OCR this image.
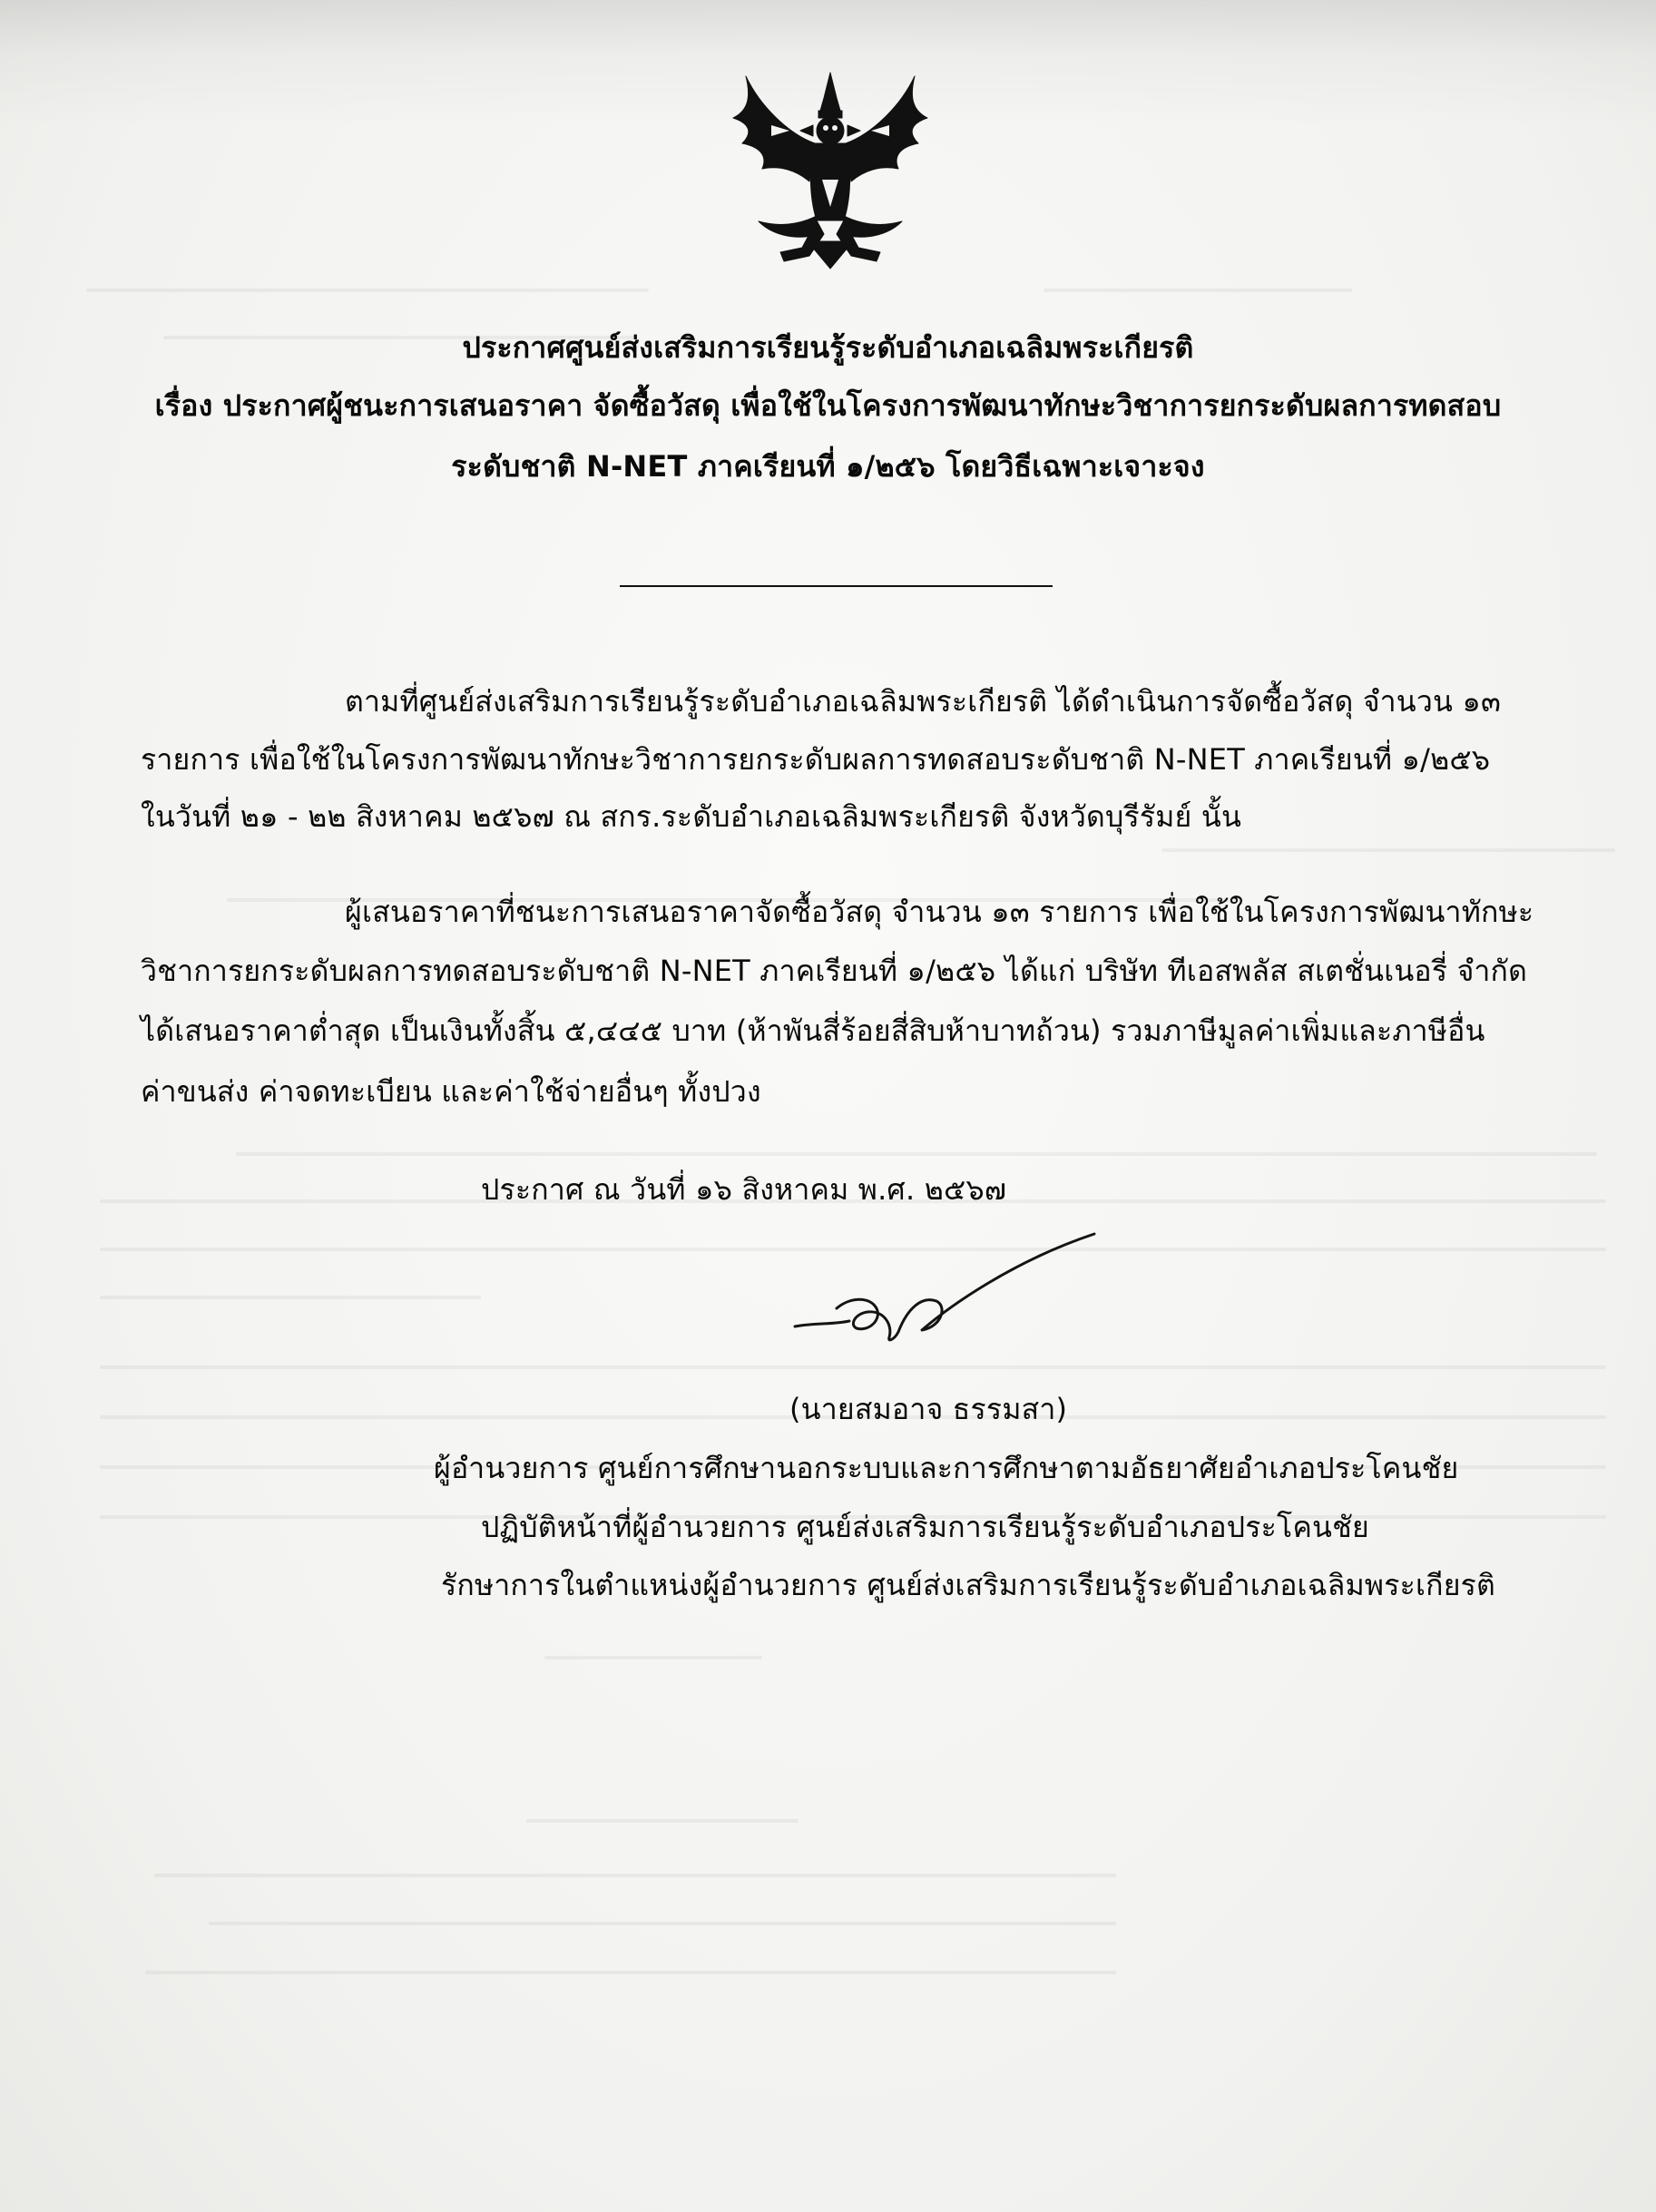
ประกาศศูนย์ส่งเสริมการเรียนรู้ระดับอำเภอเฉลิมพระเกียรติ
เรื่อง ประกาศผู้ชนะการเสนอราคา จัดซื้อวัสดุ เพื่อใช้ในโครงการพัฒนาทักษะวิชาการยกระดับผลการทดสอบ
ระดับชาติ N-NET ภาคเรียนที่ ๑/๒๕๖ โดยวิธีเฉพาะเจาะจง
ตามที่ศูนย์ส่งเสริมการเรียนรู้ระดับอำเภอเฉลิมพระเกียรติ ได้ดำเนินการจัดซื้อวัสดุ จำนวน ๑๓
รายการ เพื่อใช้ในโครงการพัฒนาทักษะวิชาการยกระดับผลการทดสอบระดับชาติ N-NET ภาคเรียนที่ ๑/๒๕๖
ในวันที่ ๒๑ - ๒๒ สิงหาคม ๒๕๖๗ ณ สกร.ระดับอำเภอเฉลิมพระเกียรติ จังหวัดบุรีรัมย์ นั้น
ผู้เสนอราคาที่ชนะการเสนอราคาจัดซื้อวัสดุ จำนวน ๑๓ รายการ เพื่อใช้ในโครงการพัฒนาทักษะ
วิชาการยกระดับผลการทดสอบระดับชาติ N-NET ภาคเรียนที่ ๑/๒๕๖ ได้แก่ บริษัท ทีเอสพลัส สเตชั่นเนอรี่ จำกัด
ได้เสนอราคาต่ำสุด เป็นเงินทั้งสิ้น ๕,๔๔๕ บาท (ห้าพันสี่ร้อยสี่สิบห้าบาทถ้วน) รวมภาษีมูลค่าเพิ่มและภาษีอื่น
ค่าขนส่ง ค่าจดทะเบียน และค่าใช้จ่ายอื่นๆ ทั้งปวง
ประกาศ ณ วันที่ ๑๖ สิงหาคม พ.ศ. ๒๕๖๗
(นายสมอาจ ธรรมสา)
ผู้อำนวยการ ศูนย์การศึกษานอกระบบและการศึกษาตามอัธยาศัยอำเภอประโคนชัย
ปฏิบัติหน้าที่ผู้อำนวยการ ศูนย์ส่งเสริมการเรียนรู้ระดับอำเภอประโคนชัย
รักษาการในตำแหน่งผู้อำนวยการ ศูนย์ส่งเสริมการเรียนรู้ระดับอำเภอเฉลิมพระเกียรติ
